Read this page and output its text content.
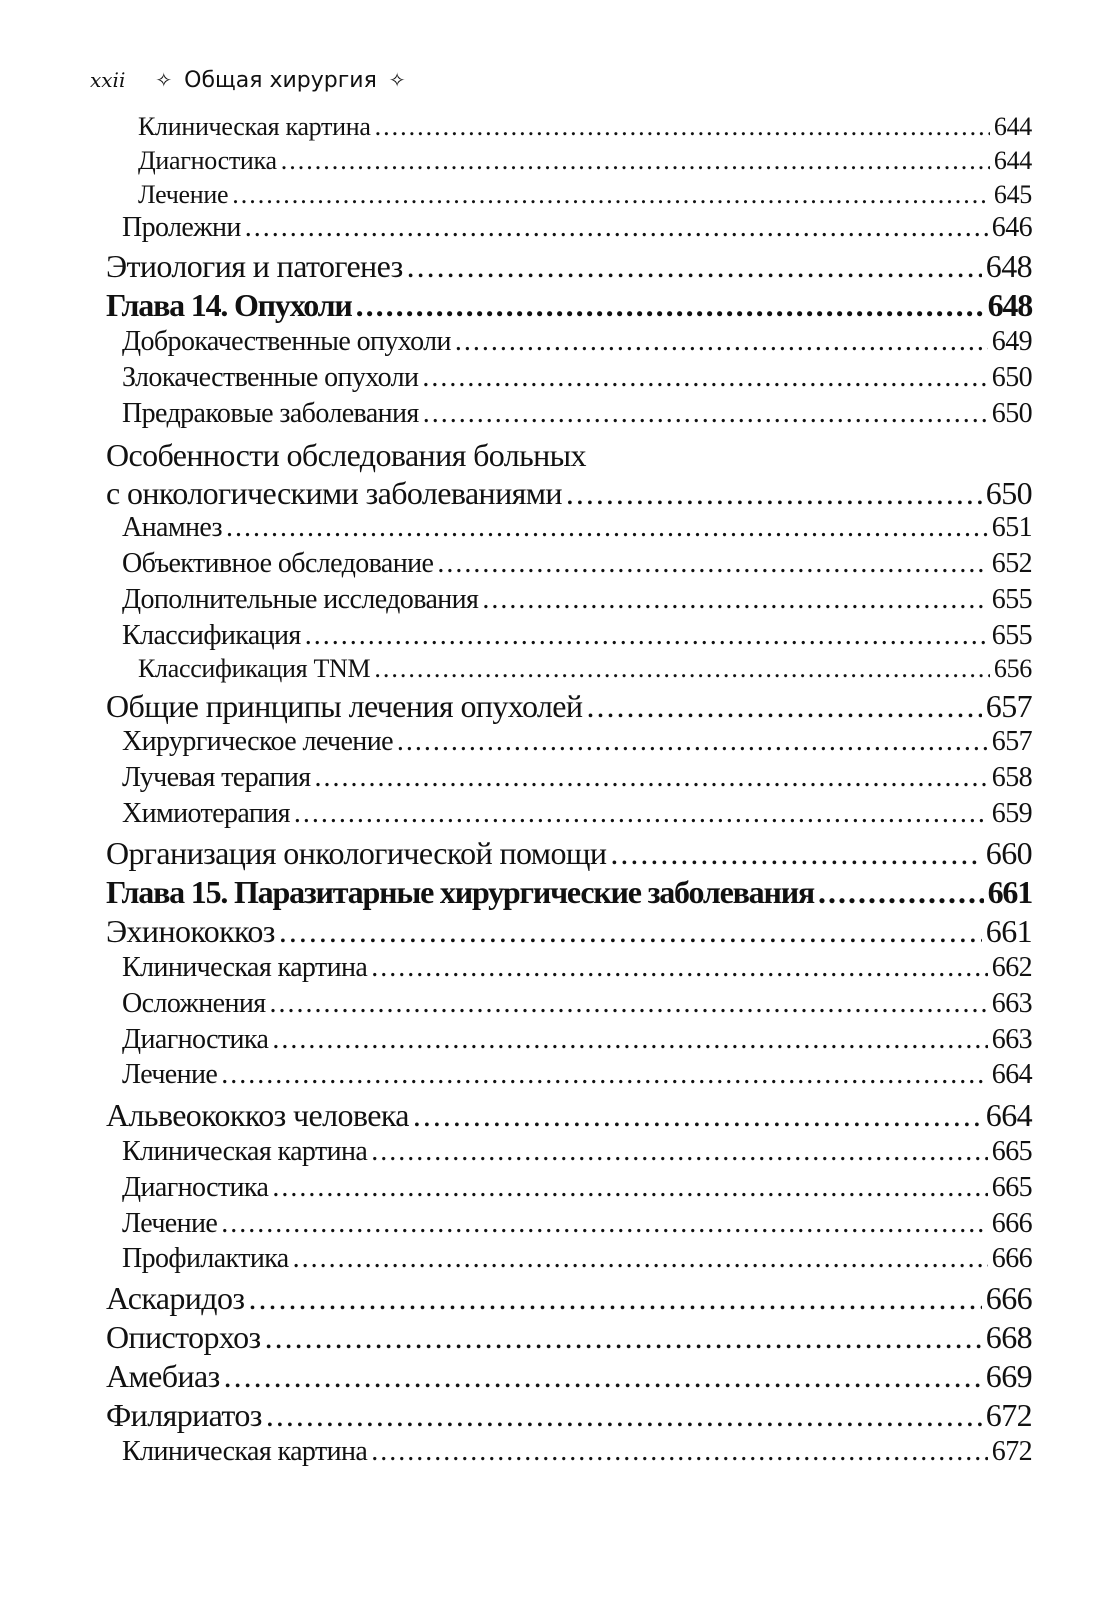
xxii ✧ Общая хирургия ✧
Клиническая картина .....	644
Диагностика .....	644
Лечение .....	645
Пролежни .....	646
Этиология и патогенез .....	648
Глава 14. Опухоли .....	648
Доброкачественные опухоли .....	649
Злокачественные опухоли .....	650
Предраковые заболевания .....	650
Особенности обследования больных
с онкологическими заболеваниями .....	650
Анамнез .....	651
Объективное обследование .....	652
Дополнительные исследования .....	655
Классификация .....	655
Классификация TNM .....	656
Общие принципы лечения опухолей .....	657
Хирургическое лечение .....	657
Лучевая терапия .....	658
Химиотерапия .....	659
Организация онкологической помощи .....	660
Глава 15. Паразитарные хирургические заболевания .....	661
Эхинококкоз .....	661
Клиническая картина .....	662
Осложнения .....	663
Диагностика .....	663
Лечение .....	664
Альвеококкоз человека .....	664
Клиническая картина .....	665
Диагностика .....	665
Лечение .....	666
Профилактика .....	666
Аскаридоз .....	666
Описторхоз .....	668
Амебиаз .....	669
Филяриатоз .....	672
Клиническая картина .....	672
